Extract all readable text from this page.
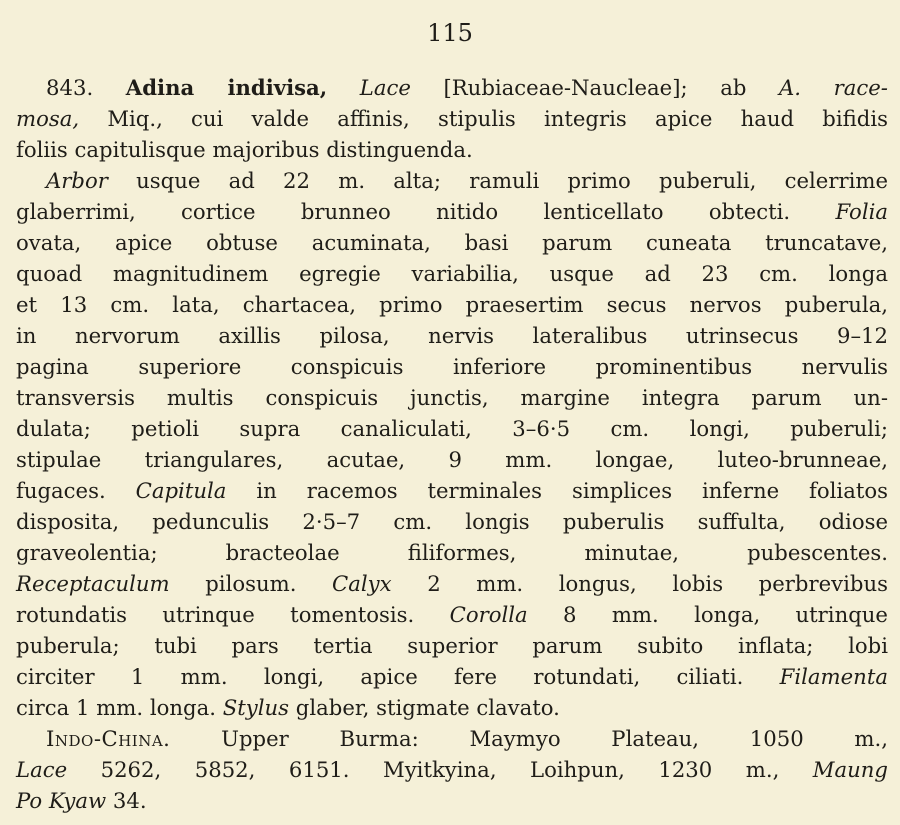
115
843. Adina indivisa, Lace [Rubiaceae-Naucleae]; ab A. race-
mosa, Miq., cui valde affinis, stipulis integris apice haud bifidis
foliis capitulisque majoribus distinguenda.
Arbor usque ad 22 m. alta; ramuli primo puberuli, celerrime
glaberrimi, cortice brunneo nitido lenticellato obtecti. Folia
ovata, apice obtuse acuminata, basi parum cuneata truncatave,
quoad magnitudinem egregie variabilia, usque ad 23 cm. longa
et 13 cm. lata, chartacea, primo praesertim secus nervos puberula,
in nervorum axillis pilosa, nervis lateralibus utrinsecus 9–12
pagina superiore conspicuis inferiore prominentibus nervulis
transversis multis conspicuis junctis, margine integra parum un-
dulata; petioli supra canaliculati, 3–6·5 cm. longi, puberuli;
stipulae triangulares, acutae, 9 mm. longae, luteo-brunneae,
fugaces. Capitula in racemos terminales simplices inferne foliatos
disposita, pedunculis 2·5–7 cm. longis puberulis suffulta, odiose
graveolentia; bracteolae filiformes, minutae, pubescentes.
Receptaculum pilosum. Calyx 2 mm. longus, lobis perbrevibus
rotundatis utrinque tomentosis. Corolla 8 mm. longa, utrinque
puberula; tubi pars tertia superior parum subito inflata; lobi
circiter 1 mm. longi, apice fere rotundati, ciliati. Filamenta
circa 1 mm. longa. Stylus glaber, stigmate clavato.
Indo-China. Upper Burma: Maymyo Plateau, 1050 m.,
Lace 5262, 5852, 6151. Myitkyina, Loihpun, 1230 m., Maung
Po Kyaw 34.
